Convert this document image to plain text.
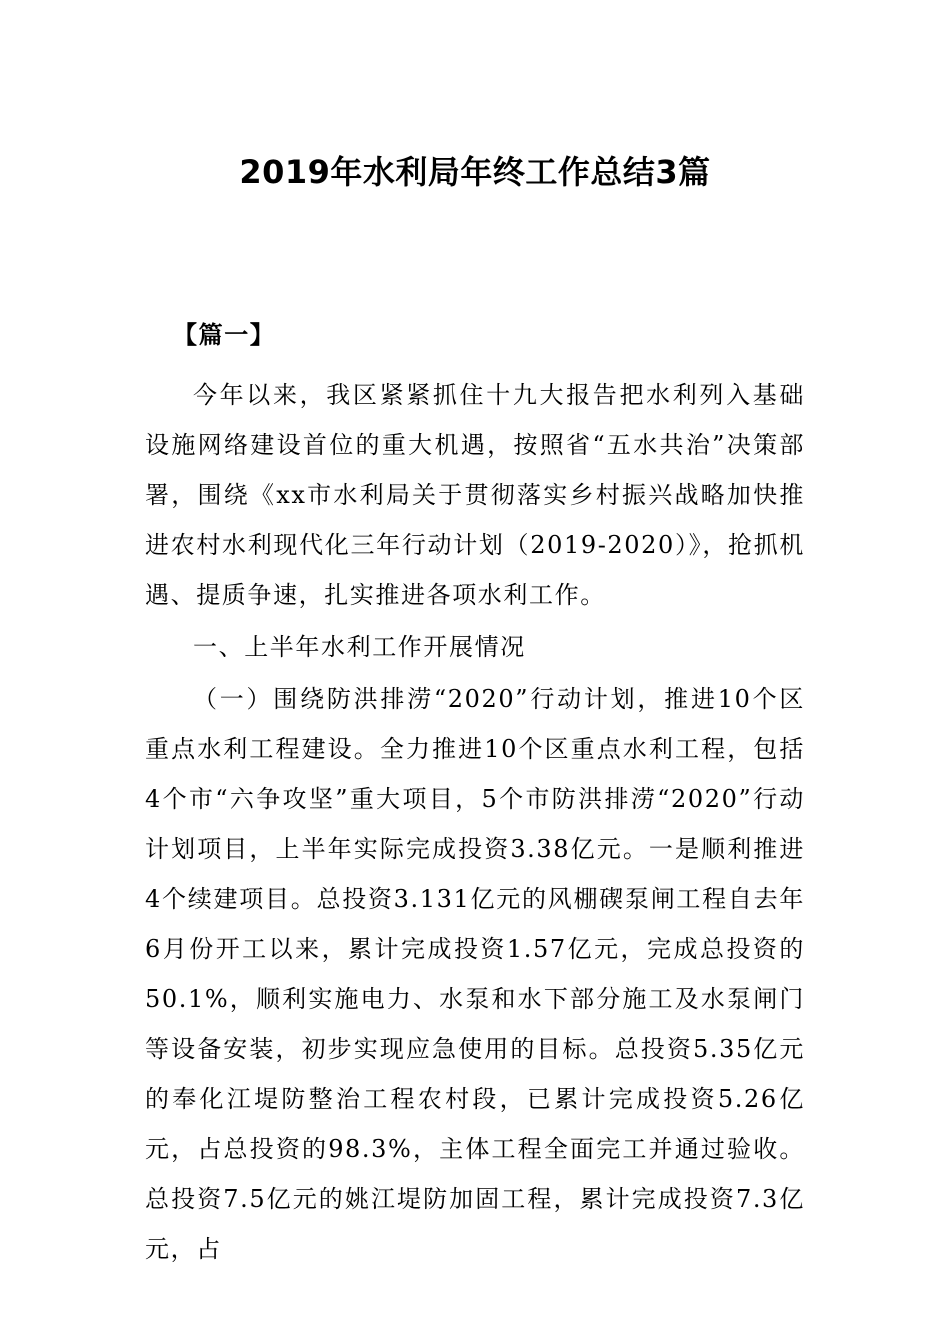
2019年水利局年终工作总结3篇
【篇一】

今年以来，我区紧紧抓住十九大报告把水利列入基础设施网络建设首位的重大机遇，按照省“五水共治”决策部署，围绕《xx市水利局关于贯彻落实乡村振兴战略加快推进农村水利现代化三年行动计划（2019-2020）》，抢抓机遇、提质争速，扎实推进各项水利工作。

一、上半年水利工作开展情况

（一）围绕防洪排涝“2020”行动计划，推进10个区重点水利工程建设。全力推进10个区重点水利工程，包括4个市“六争攻坚”重大项目，5个市防洪排涝“2020”行动计划项目，上半年实际完成投资3.38亿元。一是顺利推进4个续建项目。总投资3.131亿元的风棚碶泵闸工程自去年6月份开工以来，累计完成投资1.57亿元，完成总投资的50.1%，顺利实施电力、水泵和水下部分施工及水泵闸门等设备安装，初步实现应急使用的目标。总投资5.35亿元的奉化江堤防整治工程农村段，已累计完成投资5.26亿元，占总投资的98.3%，主体工程全面完工并通过验收。总投资7.5亿元的姚江堤防加固工程，累计完成投资7.3亿元，占
